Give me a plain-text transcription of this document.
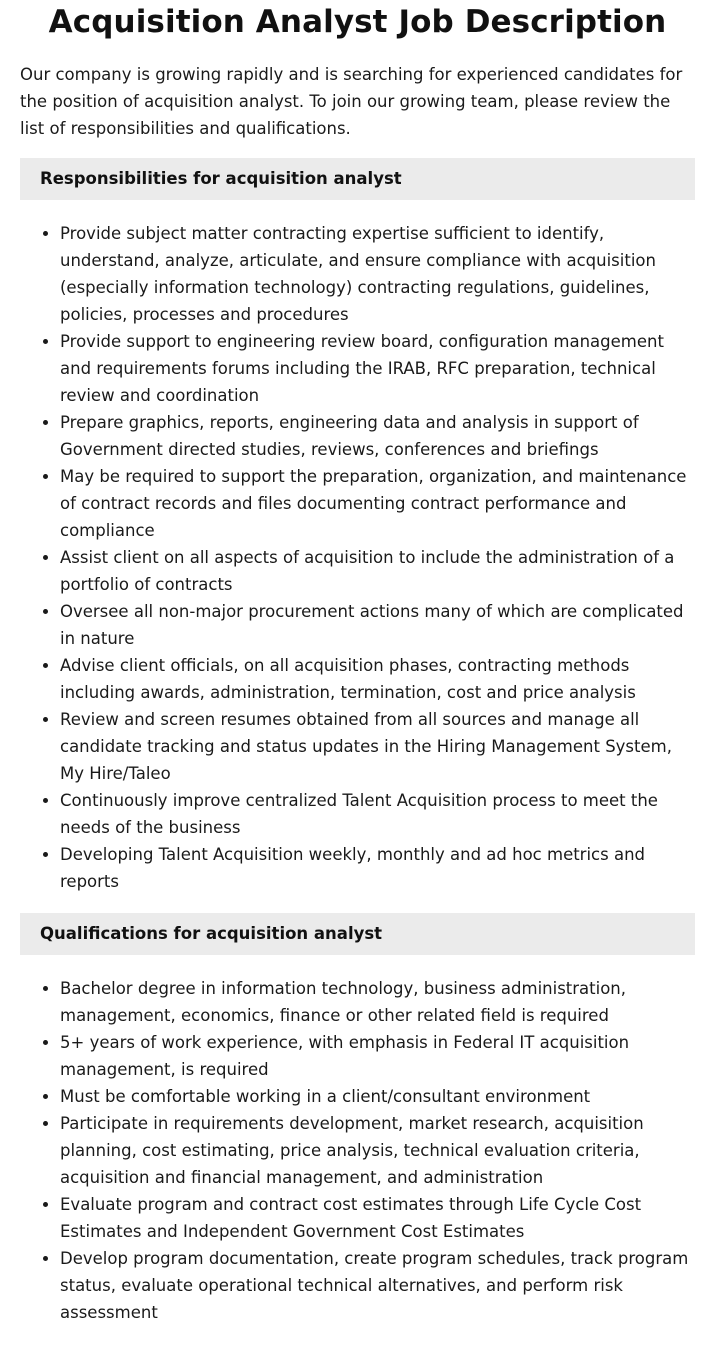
Acquisition Analyst Job Description

Our company is growing rapidly and is searching for experienced candidates for the position of acquisition analyst. To join our growing team, please review the list of responsibilities and qualifications.

Responsibilities for acquisition analyst
• Provide subject matter contracting expertise sufficient to identify, understand, analyze, articulate, and ensure compliance with acquisition (especially information technology) contracting regulations, guidelines, policies, processes and procedures
• Provide support to engineering review board, configuration management and requirements forums including the IRAB, RFC preparation, technical review and coordination
• Prepare graphics, reports, engineering data and analysis in support of Government directed studies, reviews, conferences and briefings
• May be required to support the preparation, organization, and maintenance of contract records and files documenting contract performance and compliance
• Assist client on all aspects of acquisition to include the administration of a portfolio of contracts
• Oversee all non-major procurement actions many of which are complicated in nature
• Advise client officials, on all acquisition phases, contracting methods including awards, administration, termination, cost and price analysis
• Review and screen resumes obtained from all sources and manage all candidate tracking and status updates in the Hiring Management System, My Hire/Taleo
• Continuously improve centralized Talent Acquisition process to meet the needs of the business
• Developing Talent Acquisition weekly, monthly and ad hoc metrics and reports
Qualifications for acquisition analyst
• Bachelor degree in information technology, business administration, management, economics, finance or other related field is required
• 5+ years of work experience, with emphasis in Federal IT acquisition management, is required
• Must be comfortable working in a client/consultant environment
• Participate in requirements development, market research, acquisition planning, cost estimating, price analysis, technical evaluation criteria, acquisition and financial management, and administration
• Evaluate program and contract cost estimates through Life Cycle Cost Estimates and Independent Government Cost Estimates
• Develop program documentation, create program schedules, track program status, evaluate operational technical alternatives, and perform risk assessment
